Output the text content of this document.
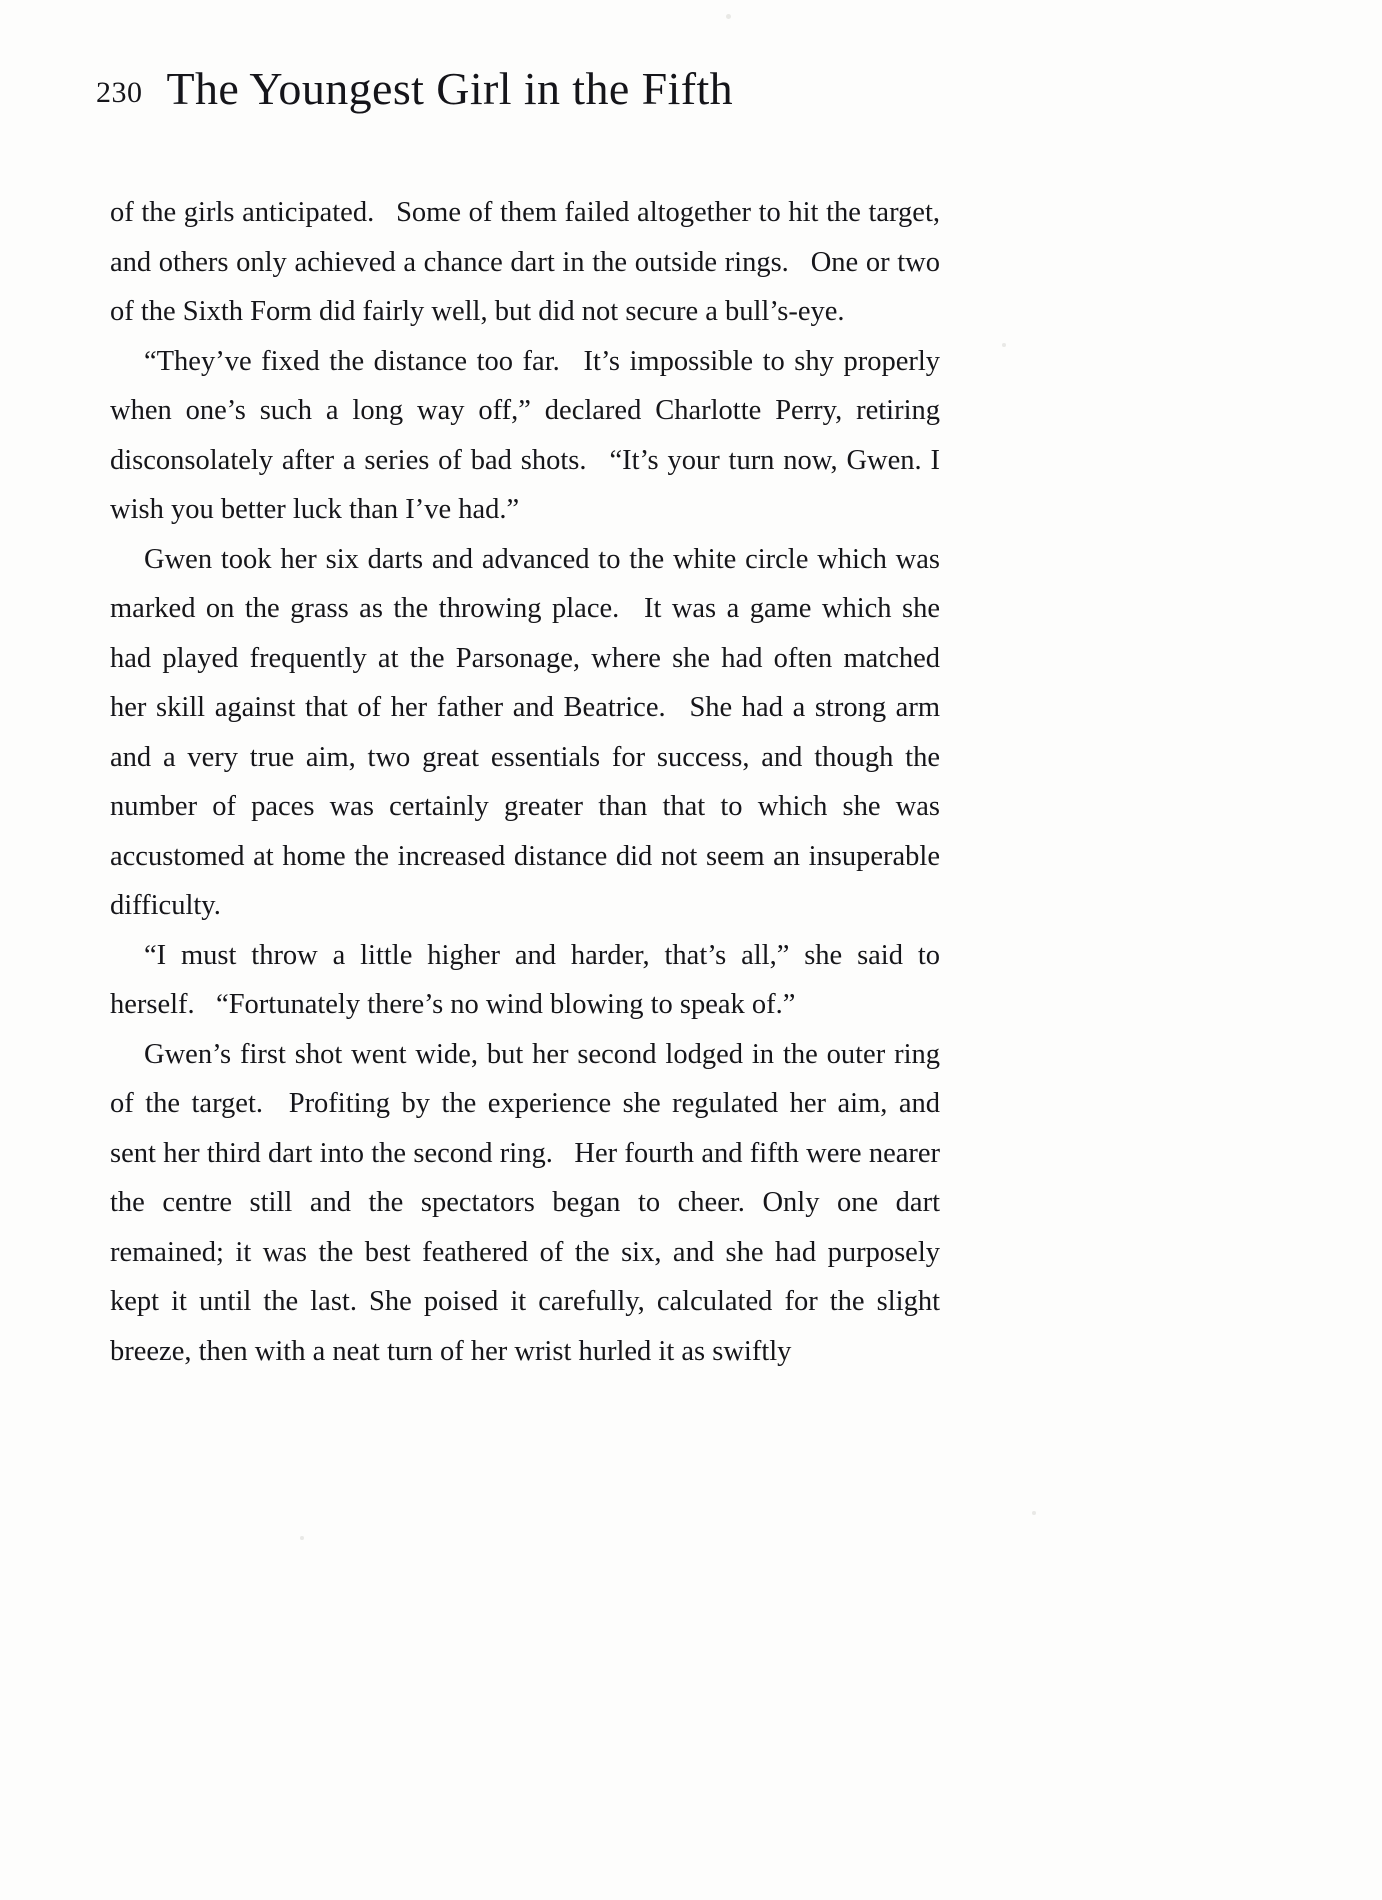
230 The Youngest Girl in the Fifth

of the girls anticipated.  Some of them failed altogether to hit the target, and others only achieved a chance dart in the outside rings.  One or two of the Sixth Form did fairly well, but did not secure a bull’s-eye.

“They’ve fixed the distance too far.  It’s impossible to shy properly when one’s such a long way off,” declared Charlotte Perry, retiring disconsolately after a series of bad shots.  “It’s your turn now, Gwen. I wish you better luck than I’ve had.”

Gwen took her six darts and advanced to the white circle which was marked on the grass as the throwing place.  It was a game which she had played frequently at the Parsonage, where she had often matched her skill against that of her father and Beatrice.  She had a strong arm and a very true aim, two great essentials for success, and though the number of paces was certainly greater than that to which she was accustomed at home the increased distance did not seem an insuperable difficulty.

“I must throw a little higher and harder, that’s all,” she said to herself.  “Fortunately there’s no wind blowing to speak of.”

Gwen’s first shot went wide, but her second lodged in the outer ring of the target.  Profiting by the experience she regulated her aim, and sent her third dart into the second ring.  Her fourth and fifth were nearer the centre still and the spectators began to cheer. Only one dart remained; it was the best feathered of the six, and she had purposely kept it until the last. She poised it carefully, calculated for the slight breeze, then with a neat turn of her wrist hurled it as swiftly
